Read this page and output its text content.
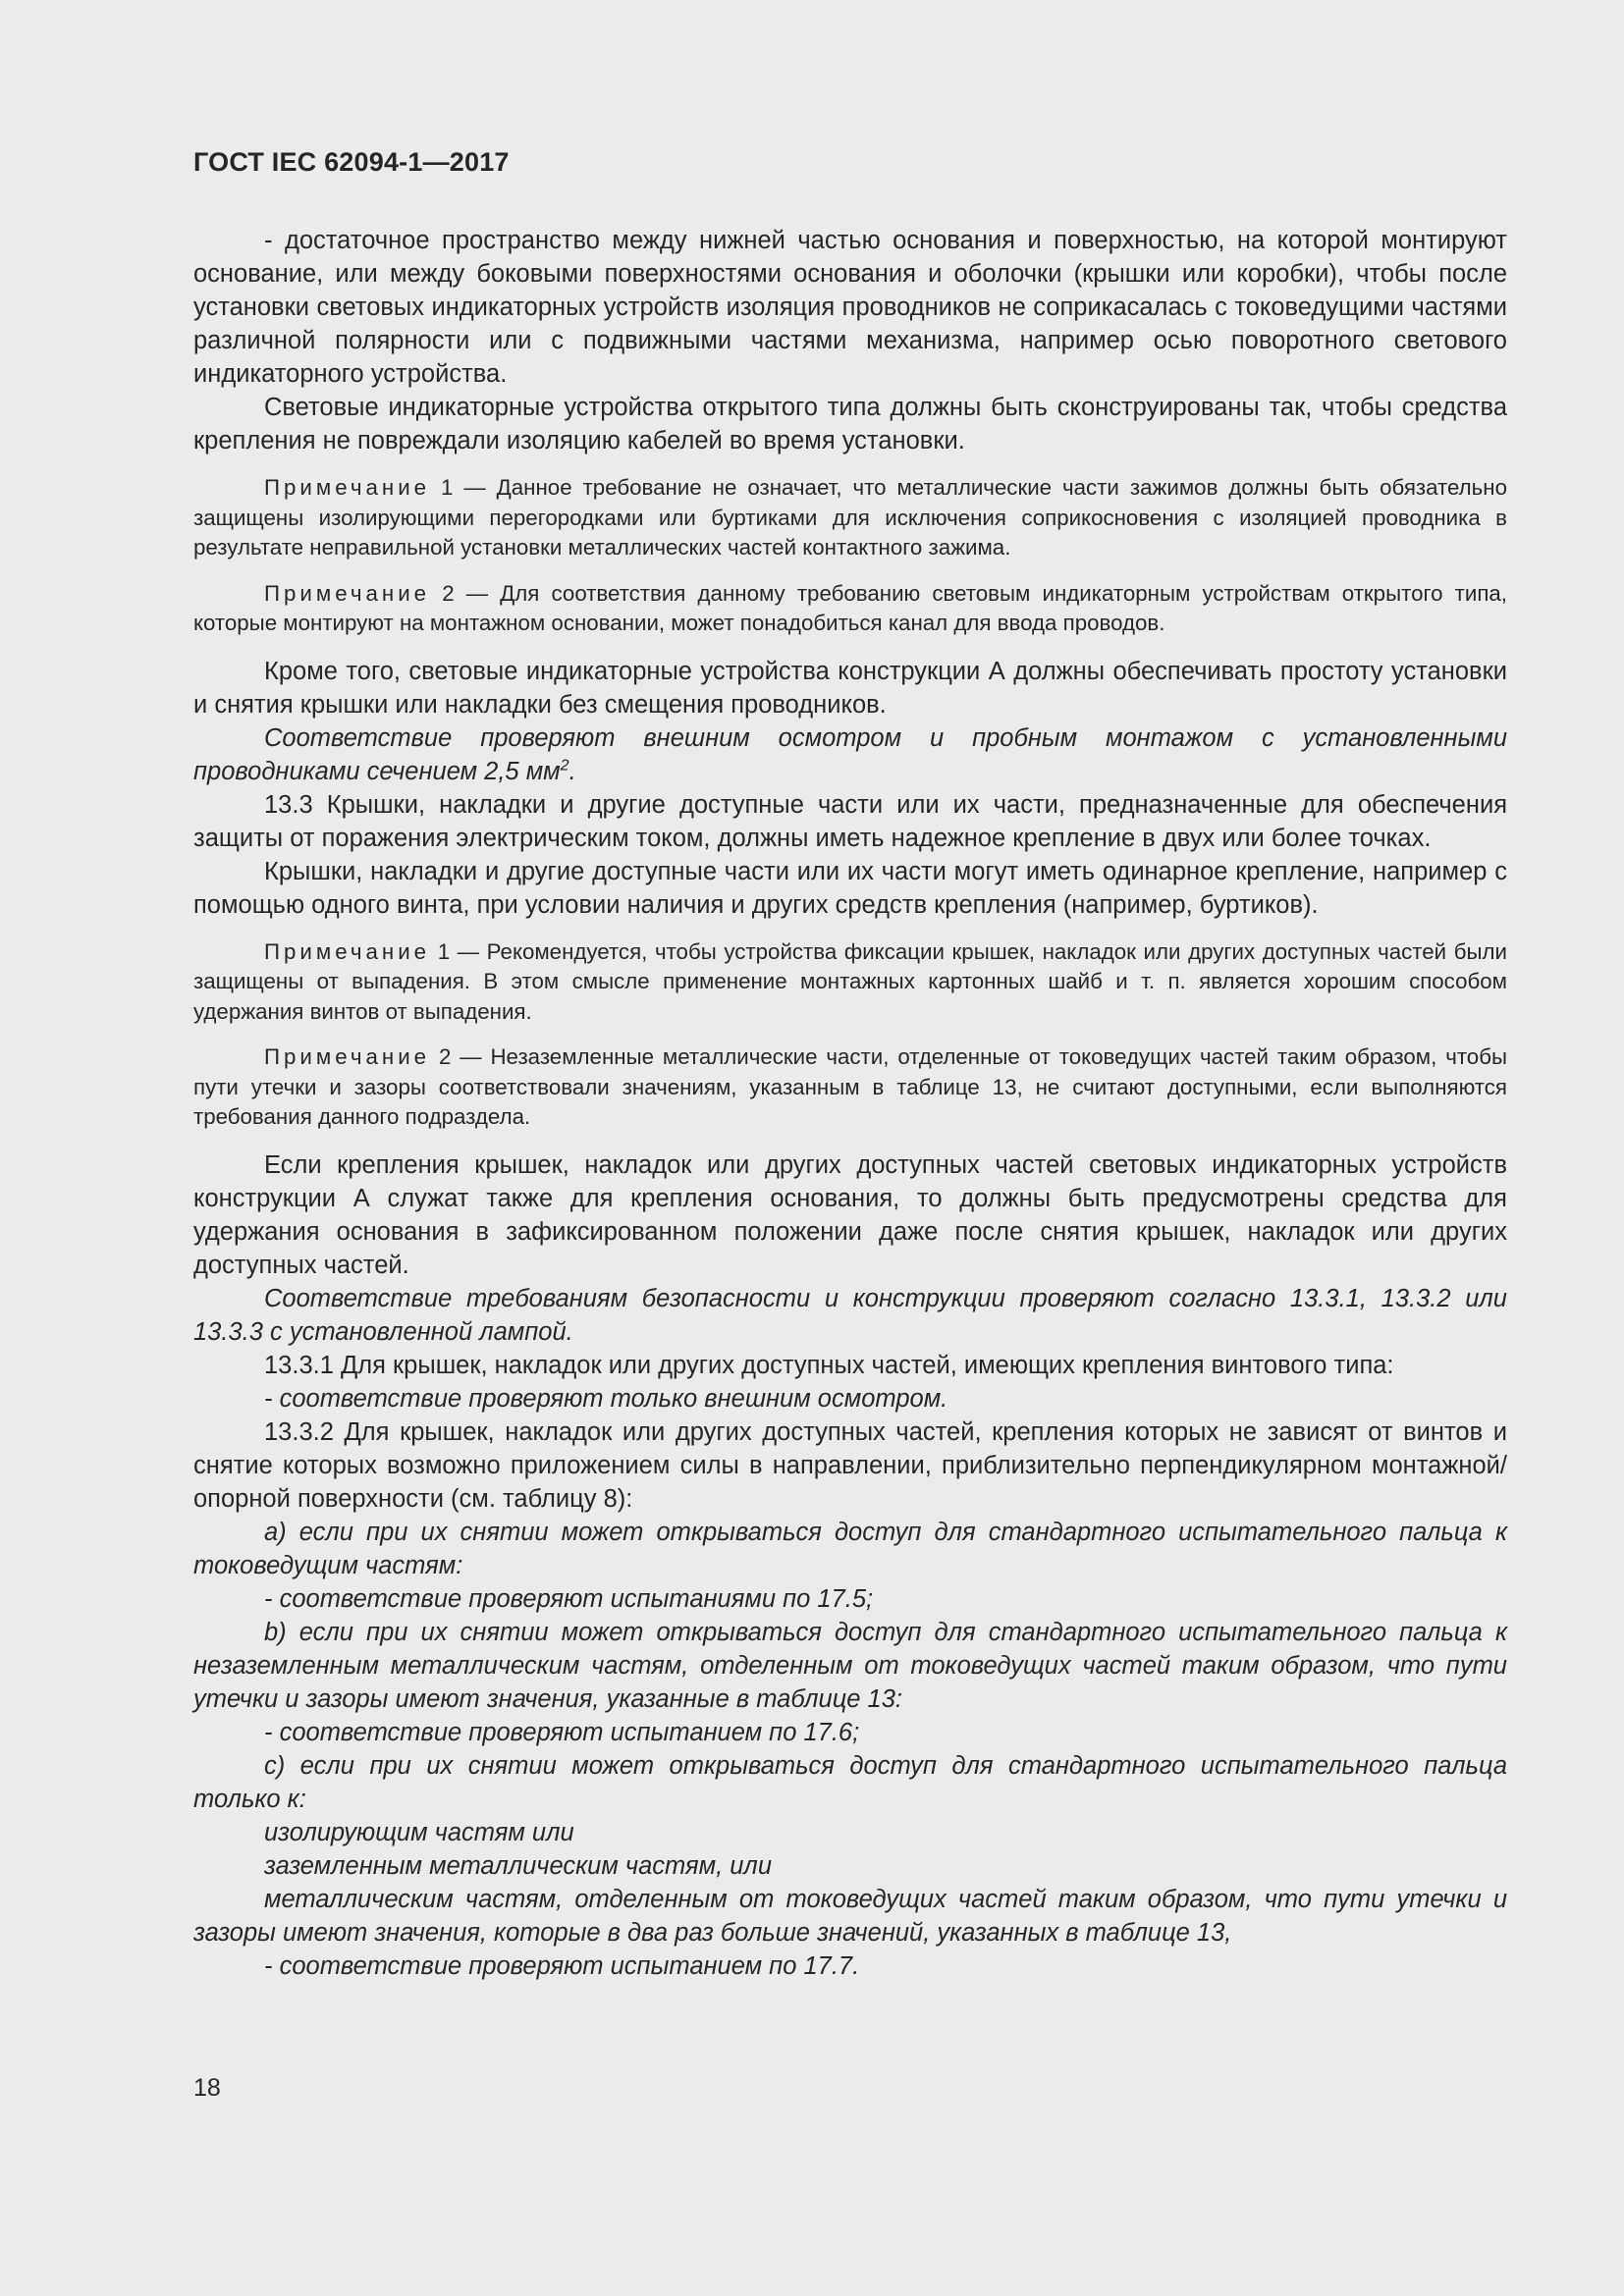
ГОСТ IEC 62094-1—2017

- достаточное пространство между нижней частью основания и поверхностью, на которой монтируют основание, или между боковыми поверхностями основания и оболочки (крышки или коробки), чтобы после установки световых индикаторных устройств изоляция проводников не соприкасалась с токоведущими частями различной полярности или с подвижными частями механизма, например осью поворотного светового индикаторного устройства.

Световые индикаторные устройства открытого типа должны быть сконструированы так, чтобы средства крепления не повреждали изоляцию кабелей во время установки.

Примечание 1 — Данное требование не означает, что металлические части зажимов должны быть обязательно защищены изолирующими перегородками или буртиками для исключения соприкосновения с изоляцией проводника в результате неправильной установки металлических частей контактного зажима.

Примечание 2 — Для соответствия данному требованию световым индикаторным устройствам открытого типа, которые монтируют на монтажном основании, может понадобиться канал для ввода проводов.

Кроме того, световые индикаторные устройства конструкции А должны обеспечивать простоту установки и снятия крышки или накладки без смещения проводников.

Соответствие проверяют внешним осмотром и пробным монтажом с установленными проводниками сечением 2,5 $мм^2$.

13.3 Крышки, накладки и другие доступные части или их части, предназначенные для обеспечения защиты от поражения электрическим током, должны иметь надежное крепление в двух или более точках.

Крышки, накладки и другие доступные части или их части могут иметь одинарное крепление, например с помощью одного винта, при условии наличия и других средств крепления (например, буртиков).

Примечание 1 — Рекомендуется, чтобы устройства фиксации крышек, накладок или других доступных частей были защищены от выпадения. В этом смысле применение монтажных картонных шайб и т. п. является хорошим способом удержания винтов от выпадения.

Примечание 2 — Незаземленные металлические части, отделенные от токоведущих частей таким образом, чтобы пути утечки и зазоры соответствовали значениям, указанным в таблице 13, не считают доступными, если выполняются требования данного подраздела.

Если крепления крышек, накладок или других доступных частей световых индикаторных устройств конструкции А служат также для крепления основания, то должны быть предусмотрены средства для удержания основания в зафиксированном положении даже после снятия крышек, накладок или других доступных частей.

Соответствие требованиям безопасности и конструкции проверяют согласно 13.3.1, 13.3.2 или 13.3.3 с установленной лампой.

13.3.1 Для крышек, накладок или других доступных частей, имеющих крепления винтового типа:

- соответствие проверяют только внешним осмотром.

13.3.2 Для крышек, накладок или других доступных частей, крепления которых не зависят от винтов и снятие которых возможно приложением силы в направлении, приблизительно перпендикулярном монтажной/опорной поверхности (см. таблицу 8):

a) если при их снятии может открываться доступ для стандартного испытательного пальца к токоведущим частям:

- соответствие проверяют испытаниями по 17.5;

b) если при их снятии может открываться доступ для стандартного испытательного пальца к незаземленным металлическим частям, отделенным от токоведущих частей таким образом, что пути утечки и зазоры имеют значения, указанные в таблице 13:

- соответствие проверяют испытанием по 17.6;

c) если при их снятии может открываться доступ для стандартного испытательного пальца только к:

изолирующим частям или

заземленным металлическим частям, или

металлическим частям, отделенным от токоведущих частей таким образом, что пути утечки и зазоры имеют значения, которые в два раз больше значений, указанных в таблице 13,

- соответствие проверяют испытанием по 17.7.

18
